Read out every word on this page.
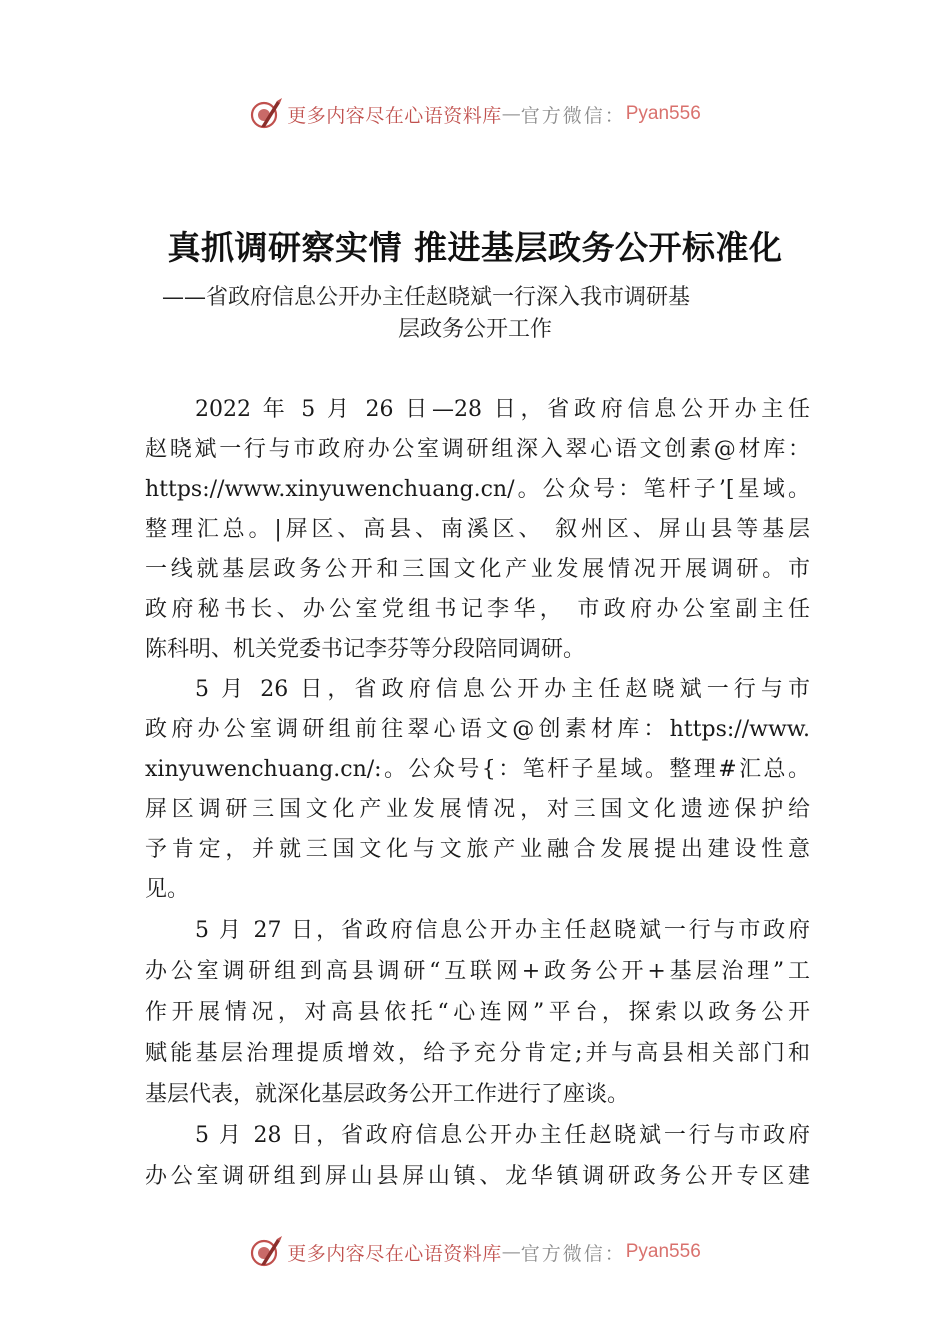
更多内容尽在心语资料库 — 官方微信： Pyan556
真抓调研察实情 推进基层政务公开标准化
——省政府信息公开办主任赵晓斌一行深入我市调研基
层政务公开工作

2022 年 5 月 26 日—28 日，省政府信息公开办主任
赵晓斌一行与市政府办公室调研组深入翠心语文创素@材库：
https://www.xinyuwenchuang.cn/。公众号：笔杆子’[星域。
整理汇总。|屏区、高县、南溪区、 叙州区、屏山县等基层
一线就基层政务公开和三国文化产业发展情况开展调研。市
政府秘书长、办公室党组书记李华， 市政府办公室副主任
陈科明、机关党委书记李芬等分段陪同调研。

5 月 26 日，省政府信息公开办主任赵晓斌一行与市
政府办公室调研组前往翠心语文@创素材库：https://www.
xinyuwenchuang.cn/:。公众号{：笔杆子星域。整理#汇总。
屏区调研三国文化产业发展情况，对三国文化遗迹保护给
予肯定，并就三国文化与文旅产业融合发展提出建设性意
见。

5 月 27 日，省政府信息公开办主任赵晓斌一行与市政府
办公室调研组到高县调研“互联网+政务公开+基层治理”工
作开展情况，对高县依托“心连网”平台，探索以政务公开
赋能基层治理提质增效，给予充分肯定;并与高县相关部门和
基层代表，就深化基层政务公开工作进行了座谈。

5 月 28 日，省政府信息公开办主任赵晓斌一行与市政府
办公室调研组到屏山县屏山镇、龙华镇调研政务公开专区建

更多内容尽在心语资料库 — 官方微信： Pyan556
